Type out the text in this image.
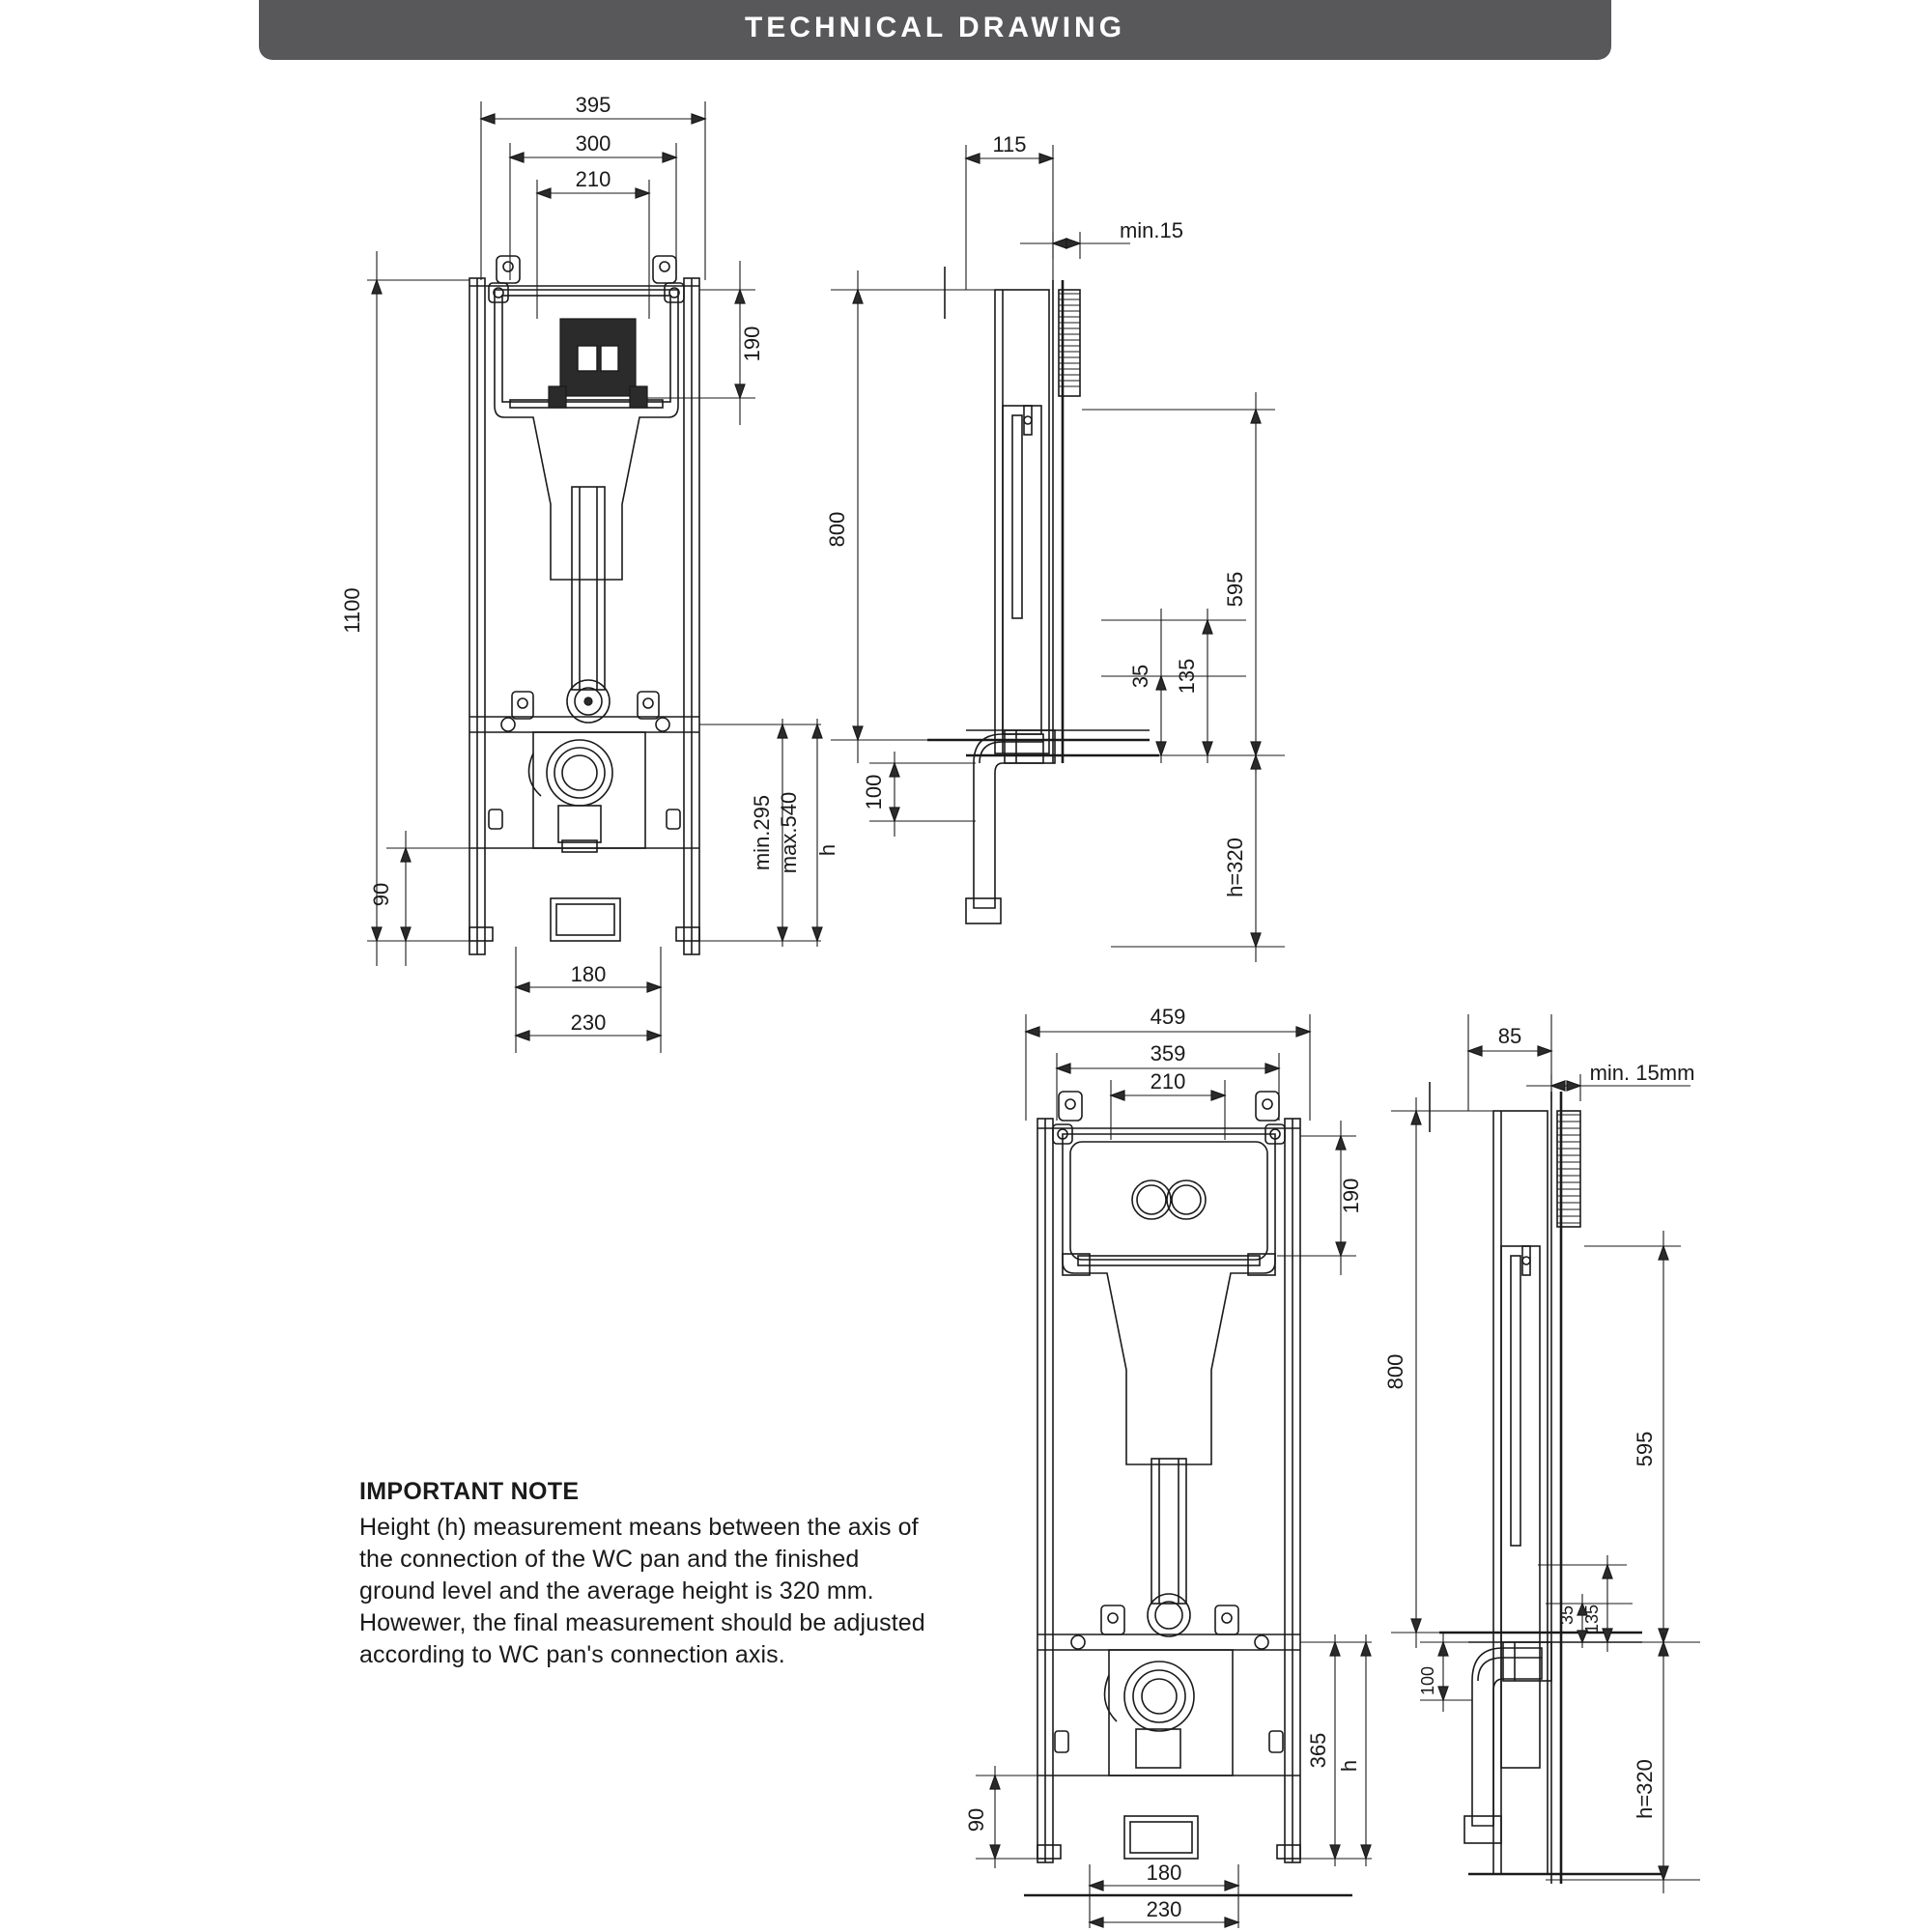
TECHNICAL DRAWING
395
300
210
190
1100
90
min.295 max.540 h
180
230
115
min.15
800
595
35 135
100
h=320
459
359
210
190
365 h
90
180
230
85
min. 15mm
800
595
35 135
100
h=320

IMPORTANT NOTE

Height (h) measurement means between the axis of the connection of the WC pan and the finished ground level and the average height is 320 mm. Howewer, the final measurement should be adjusted according to WC pan's connection axis.
